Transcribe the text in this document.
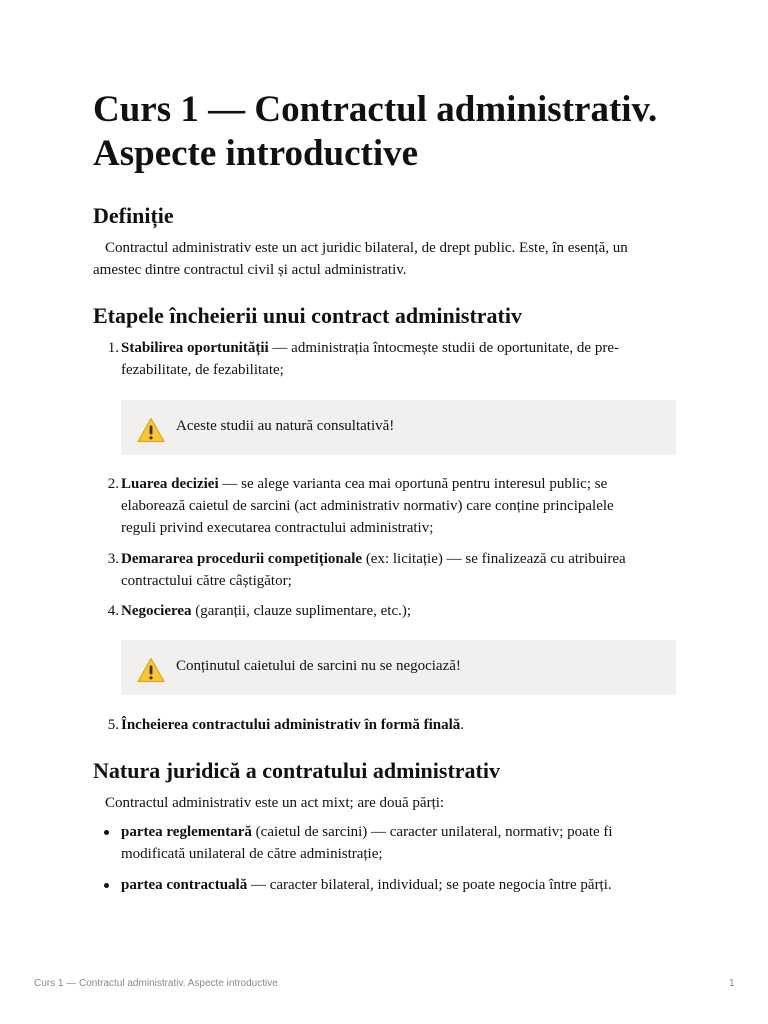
Curs 1 — Contractul administrativ.
Aspecte introductive
Definiție

Contractul administrativ este un act juridic bilateral, de drept public. Este, în esență, un amestec dintre contractul civil și actul administrativ.

Etapele încheierii unui contract administrativ
1. Stabilirea oportunității — administrația întocmește studii de oportunitate, de pre-fezabilitate, de fezabilitate;
Aceste studii au natură consultativă!
2. Luarea deciziei — se alege varianta cea mai oportună pentru interesul public; se elaborează caietul de sarcini (act administrativ normativ) care conține principalele reguli privind executarea contractului administrativ;
3. Demararea procedurii competiționale (ex: licitație) — se finalizează cu atribuirea contractului către câștigător;
4. Negocierea (garanții, clauze suplimentare, etc.);
Conținutul caietului de sarcini nu se negociază!
5. Încheierea contractului administrativ în formă finală.
Natura juridică a contratului administrativ

Contractul administrativ este un act mixt; are două părți:

partea reglementară (caietul de sarcini) — caracter unilateral, normativ; poate fi modificată unilateral de către administrație;
partea contractuală — caracter bilateral, individual; se poate negocia între părți.
Curs 1 — Contractul administrativ. Aspecte introductive	1
